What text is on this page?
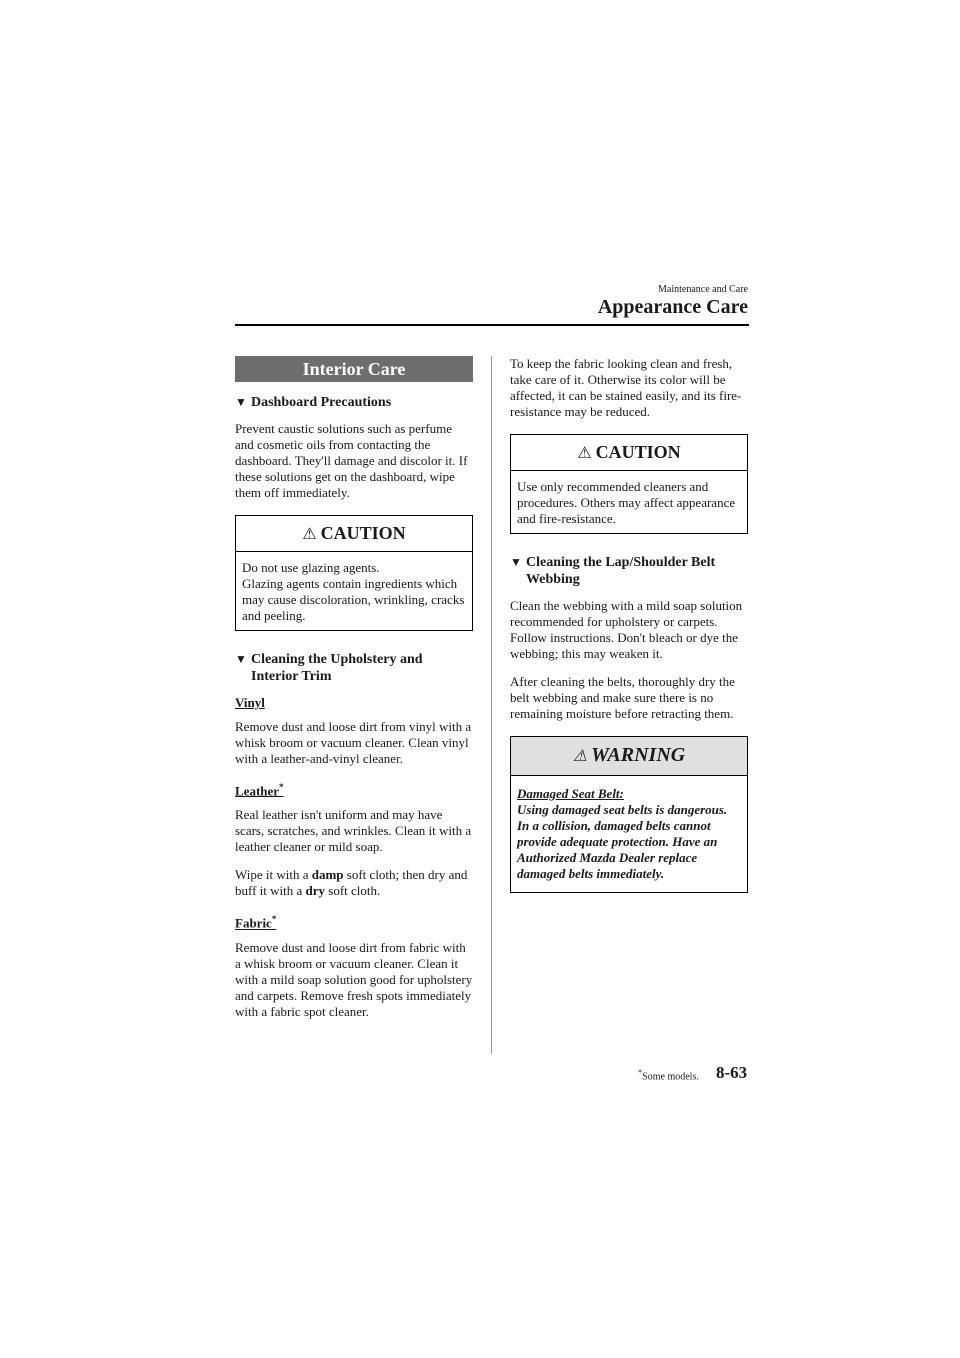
Maintenance and Care
Appearance Care
Interior Care
▼ Dashboard Precautions

Prevent caustic solutions such as perfume and cosmetic oils from contacting the dashboard. They'll damage and discolor it. If these solutions get on the dashboard, wipe them off immediately.

⚠ CAUTION
Do not use glazing agents.
Glazing agents contain ingredients which may cause discoloration, wrinkling, cracks and peeling.
▼ Cleaning the Upholstery and Interior Trim
Vinyl

Remove dust and loose dirt from vinyl with a whisk broom or vacuum cleaner. Clean vinyl with a leather-and-vinyl cleaner.

Leather*

Real leather isn't uniform and may have scars, scratches, and wrinkles. Clean it with a leather cleaner or mild soap.

Wipe it with a damp soft cloth; then dry and buff it with a dry soft cloth.

Fabric*

Remove dust and loose dirt from fabric with a whisk broom or vacuum cleaner. Clean it with a mild soap solution good for upholstery and carpets. Remove fresh spots immediately with a fabric spot cleaner.

To keep the fabric looking clean and fresh, take care of it. Otherwise its color will be affected, it can be stained easily, and its fire-resistance may be reduced.

⚠ CAUTION
Use only recommended cleaners and procedures. Others may affect appearance and fire-resistance.
▼ Cleaning the Lap/Shoulder Belt Webbing

Clean the webbing with a mild soap solution recommended for upholstery or carpets. Follow instructions. Don't bleach or dye the webbing; this may weaken it.

After cleaning the belts, thoroughly dry the belt webbing and make sure there is no remaining moisture before retracting them.

⚠ WARNING
Damaged Seat Belt:
Using damaged seat belts is dangerous. In a collision, damaged belts cannot provide adequate protection. Have an Authorized Mazda Dealer replace damaged belts immediately.
*Some models. 8-63
